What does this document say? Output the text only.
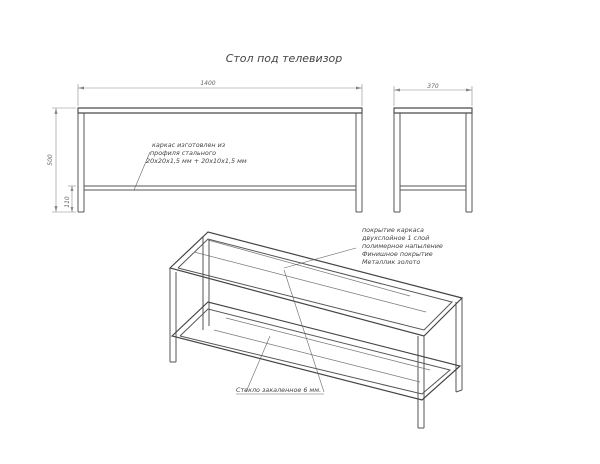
Стол под телевизор
1400
500
110
каркас изготовлен из
профиля стального
20х20х1,5 мм + 20х10х1,5 мм
370
покрытие каркаса
двухслойное 1 слой
полимерное напыление
Финишное покрытие
Металлик золото
Стекло закаленное 6 мм.
